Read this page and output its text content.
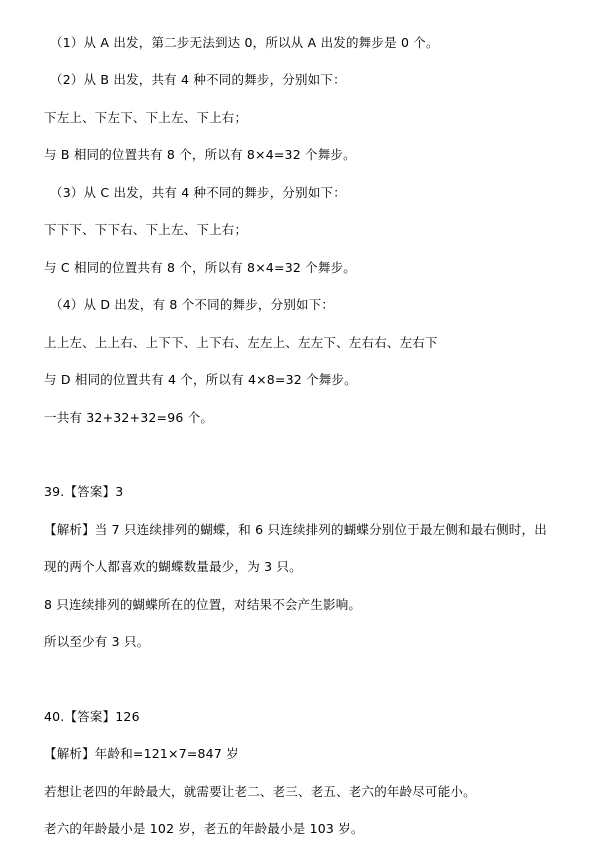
（1）从 A 出发，第二步无法到达 0，所以从 A 出发的舞步是 0 个。
（2）从 B 出发，共有 4 种不同的舞步，分别如下：
下左上、下左下、下上左、下上右；
与 B 相同的位置共有 8 个，所以有 8×4=32 个舞步。
（3）从 C 出发，共有 4 种不同的舞步，分别如下：
下下下、下下右、下上左、下上右；
与 C 相同的位置共有 8 个，所以有 8×4=32 个舞步。
（4）从 D 出发，有 8 个不同的舞步，分别如下：
上上左、上上右、上下下、上下右、左左上、左左下、左右右、左右下
与 D 相同的位置共有 4 个，所以有 4×8=32 个舞步。
一共有 32+32+32=96 个。
39.【答案】3
【解析】当 7 只连续排列的蝴蝶，和 6 只连续排列的蝴蝶分别位于最左侧和最右侧时，出
现的两个人都喜欢的蝴蝶数量最少，为 3 只。
8 只连续排列的蝴蝶所在的位置，对结果不会产生影响。
所以至少有 3 只。
40.【答案】126
【解析】年龄和=121×7=847 岁
若想让老四的年龄最大，就需要让老二、老三、老五、老六的年龄尽可能小。
老六的年龄最小是 102 岁，老五的年龄最小是 103 岁。
